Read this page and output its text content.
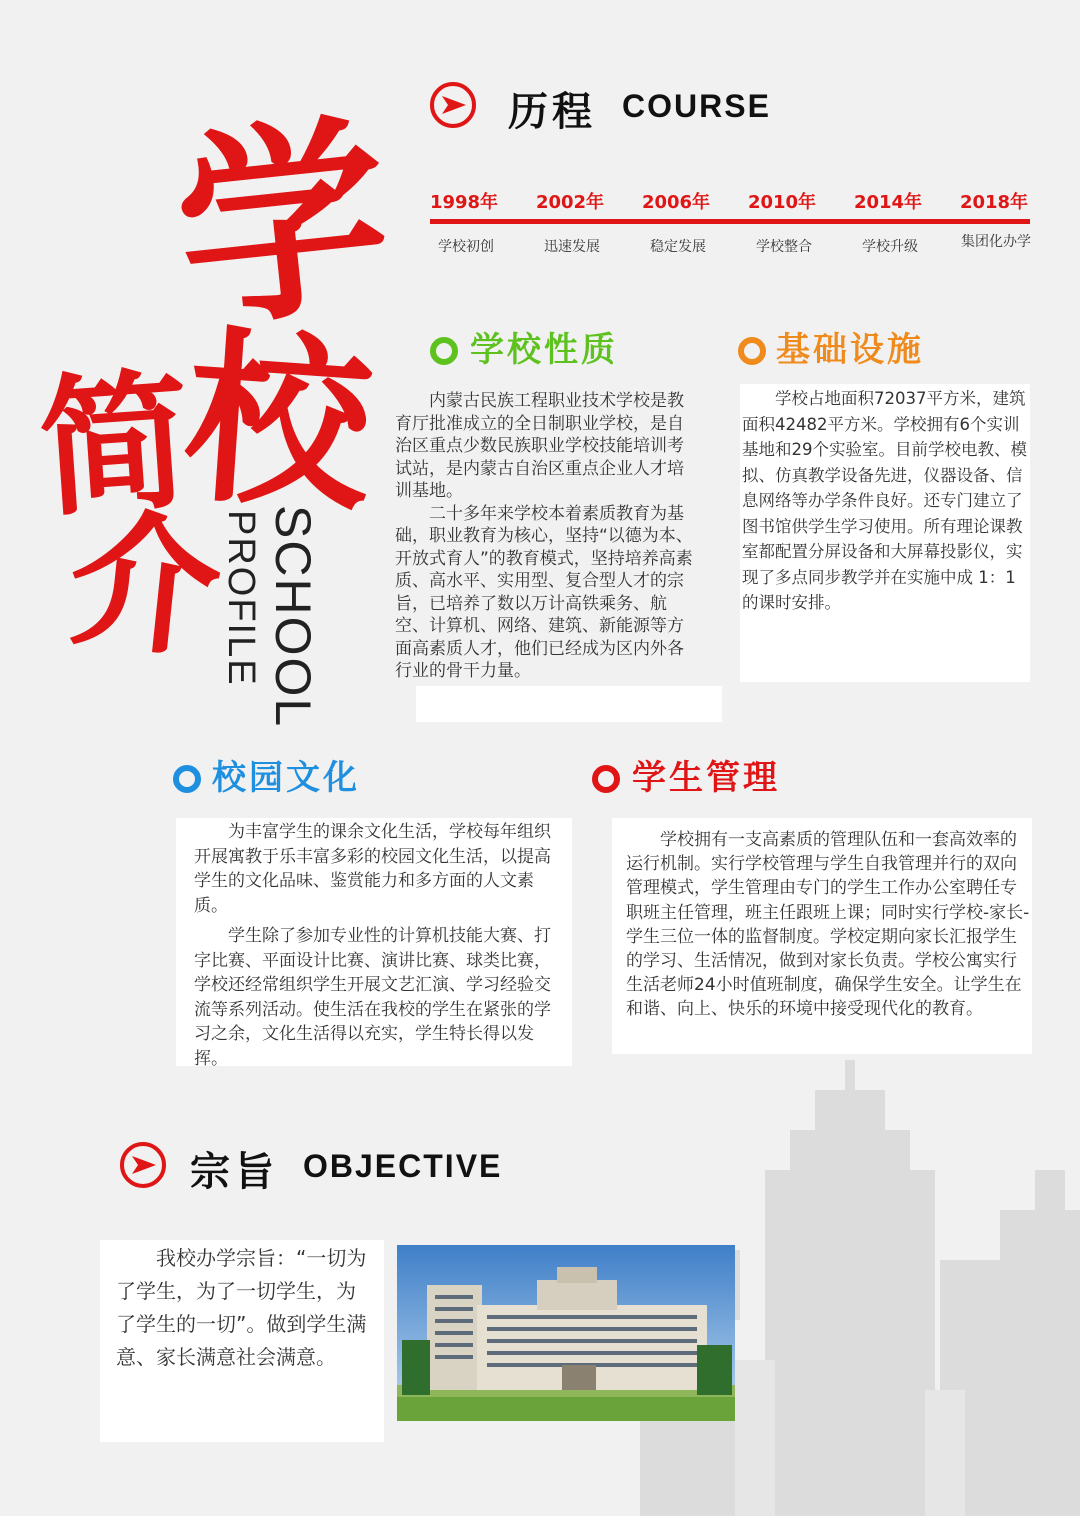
学
校
简
介 SCHOOL
PROFILE
历程 COURSE
1998年	2002年	2006年	2010年	2014年	2018年
学校初创	迅速发展	稳定发展	学校整合	学校升级	集团化办学
学校性质

　　内蒙古民族工程职业技术学校是教育厅批准成立的全日制职业学校，是自治区重点少数民族职业学校技能培训考试站，是内蒙古自治区重点企业人才培训基地。

　　二十多年来学校本着素质教育为基础，职业教育为核心，坚持“以德为本、开放式育人”的教育模式，坚持培养高素质、高水平、实用型、复合型人才的宗旨，已培养了数以万计高铁乘务、航空、计算机、网络、建筑、新能源等方面高素质人才，他们已经成为区内外各行业的骨干力量。

基础设施

　　学校占地面积72037平方米，建筑面积42482平方米。学校拥有6个实训基地和29个实验室。目前学校电教、模拟、仿真教学设备先进，仪器设备、信息网络等办学条件良好。还专门建立了图书馆供学生学习使用。所有理论课教室都配置分屏设备和大屏幕投影仪，实现了多点同步教学并在实施中成 1：1的课时安排。

校园文化

　　为丰富学生的课余文化生活，学校每年组织开展寓教于乐丰富多彩的校园文化生活，以提高学生的文化品味、鉴赏能力和多方面的人文素质。

　　学生除了参加专业性的计算机技能大赛、打字比赛、平面设计比赛、演讲比赛、球类比赛，学校还经常组织学生开展文艺汇演、学习经验交流等系列活动。使生活在我校的学生在紧张的学习之余，文化生活得以充实，学生特长得以发挥。

学生管理

　　学校拥有一支高素质的管理队伍和一套高效率的运行机制。实行学校管理与学生自我管理并行的双向管理模式，学生管理由专门的学生工作办公室聘任专职班主任管理，班主任跟班上课；同时实行学校-家长-学生三位一体的监督制度。学校定期向家长汇报学生的学习、生活情况，做到对家长负责。学校公寓实行生活老师24小时值班制度，确保学生安全。让学生在和谐、向上、快乐的环境中接受现代化的教育。

宗旨 OBJECTIVE
　　我校办学宗旨：“一切为了学生，为了一切学生，为了学生的一切”。做到学生满意、家长满意社会满意。
